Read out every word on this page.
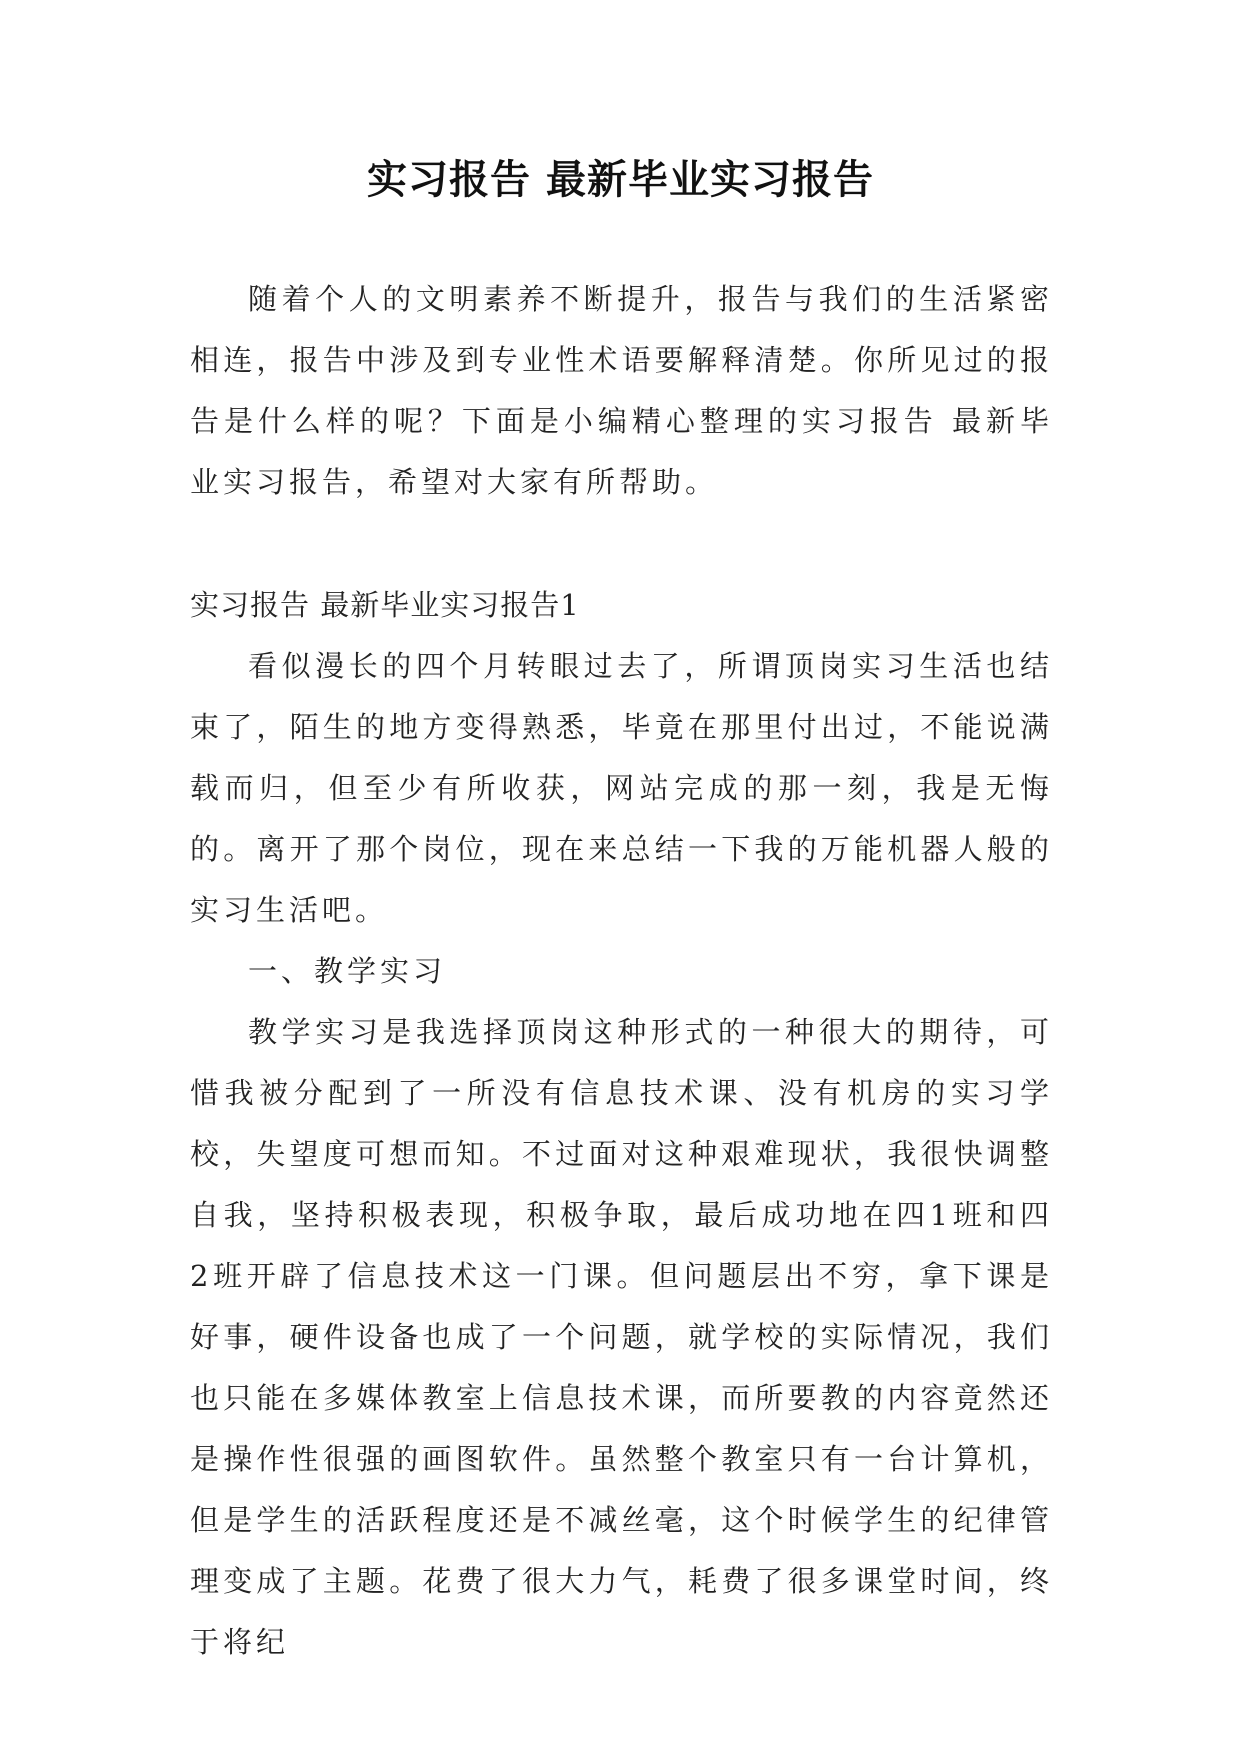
实习报告 最新毕业实习报告

随着个人的文明素养不断提升，报告与我们的生活紧密相连，报告中涉及到专业性术语要解释清楚。你所见过的报告是什么样的呢？下面是小编精心整理的实习报告 最新毕业实习报告，希望对大家有所帮助。

实习报告 最新毕业实习报告1

看似漫长的四个月转眼过去了，所谓顶岗实习生活也结束了，陌生的地方变得熟悉，毕竟在那里付出过，不能说满载而归，但至少有所收获，网站完成的那一刻，我是无悔的。离开了那个岗位，现在来总结一下我的万能机器人般的实习生活吧。

一、教学实习

教学实习是我选择顶岗这种形式的一种很大的期待，可惜我被分配到了一所没有信息技术课、没有机房的实习学校，失望度可想而知。不过面对这种艰难现状，我很快调整自我，坚持积极表现，积极争取，最后成功地在四1班和四2班开辟了信息技术这一门课。但问题层出不穷，拿下课是好事，硬件设备也成了一个问题，就学校的实际情况，我们也只能在多媒体教室上信息技术课，而所要教的内容竟然还是操作性很强的画图软件。虽然整个教室只有一台计算机，但是学生的活跃程度还是不减丝毫，这个时候学生的纪律管理变成了主题。花费了很大力气，耗费了很多课堂时间，终于将纪
